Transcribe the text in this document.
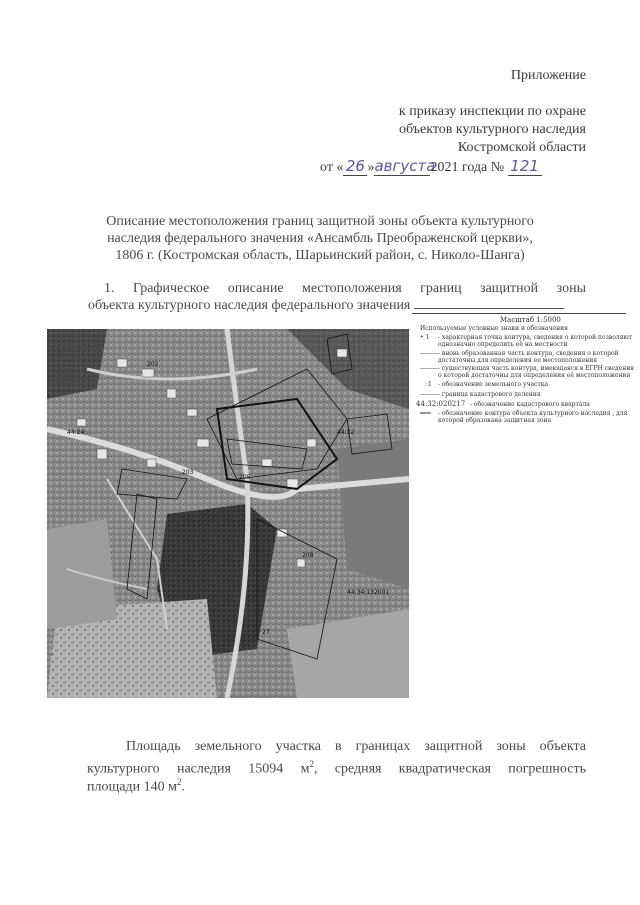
Приложение
к приказу инспекции по охране
объектов культурного наследия
Костромской области
от « 26 »августа2021 года № 121
Описание местоположения границ защитной зоны объекта культурного
наследия федерального значения «Ансамбль Преображенской церкви»,
1806 г. (Костромская область, Шарьинский район, с. Николо-Шанга)
1. Графическое описание местоположения границ защитной зоны
объекта культурного наследия федерального значения
44:24:...
202
203
205
208
44:34:132001
44:32
27
Масштаб 1:5000
Используемые условные знаки и обозначения
• 1 - характерная точка контура, сведения о которой позволяют однозначно определить её на местности
——— - вновь образованная часть контура, сведения о которой достаточны для определения ее местоположения
——— - существующая часть контура, имеющаяся в ЕГРН сведения о которой достаточны для определения её местоположения
:1 - обозначение земельного участка
——— - граница кадастрового деления
44:32:020217 - обозначение кадастрового квартала
═══ - обозначение контура объекта культурного наследия , для которой образована защитная зона
Площадь земельного участка в границах защитной зоны объекта
культурного наследия 15094 $м^2$, средняя квадратическая погрешность
площади 140 $м^2$.
